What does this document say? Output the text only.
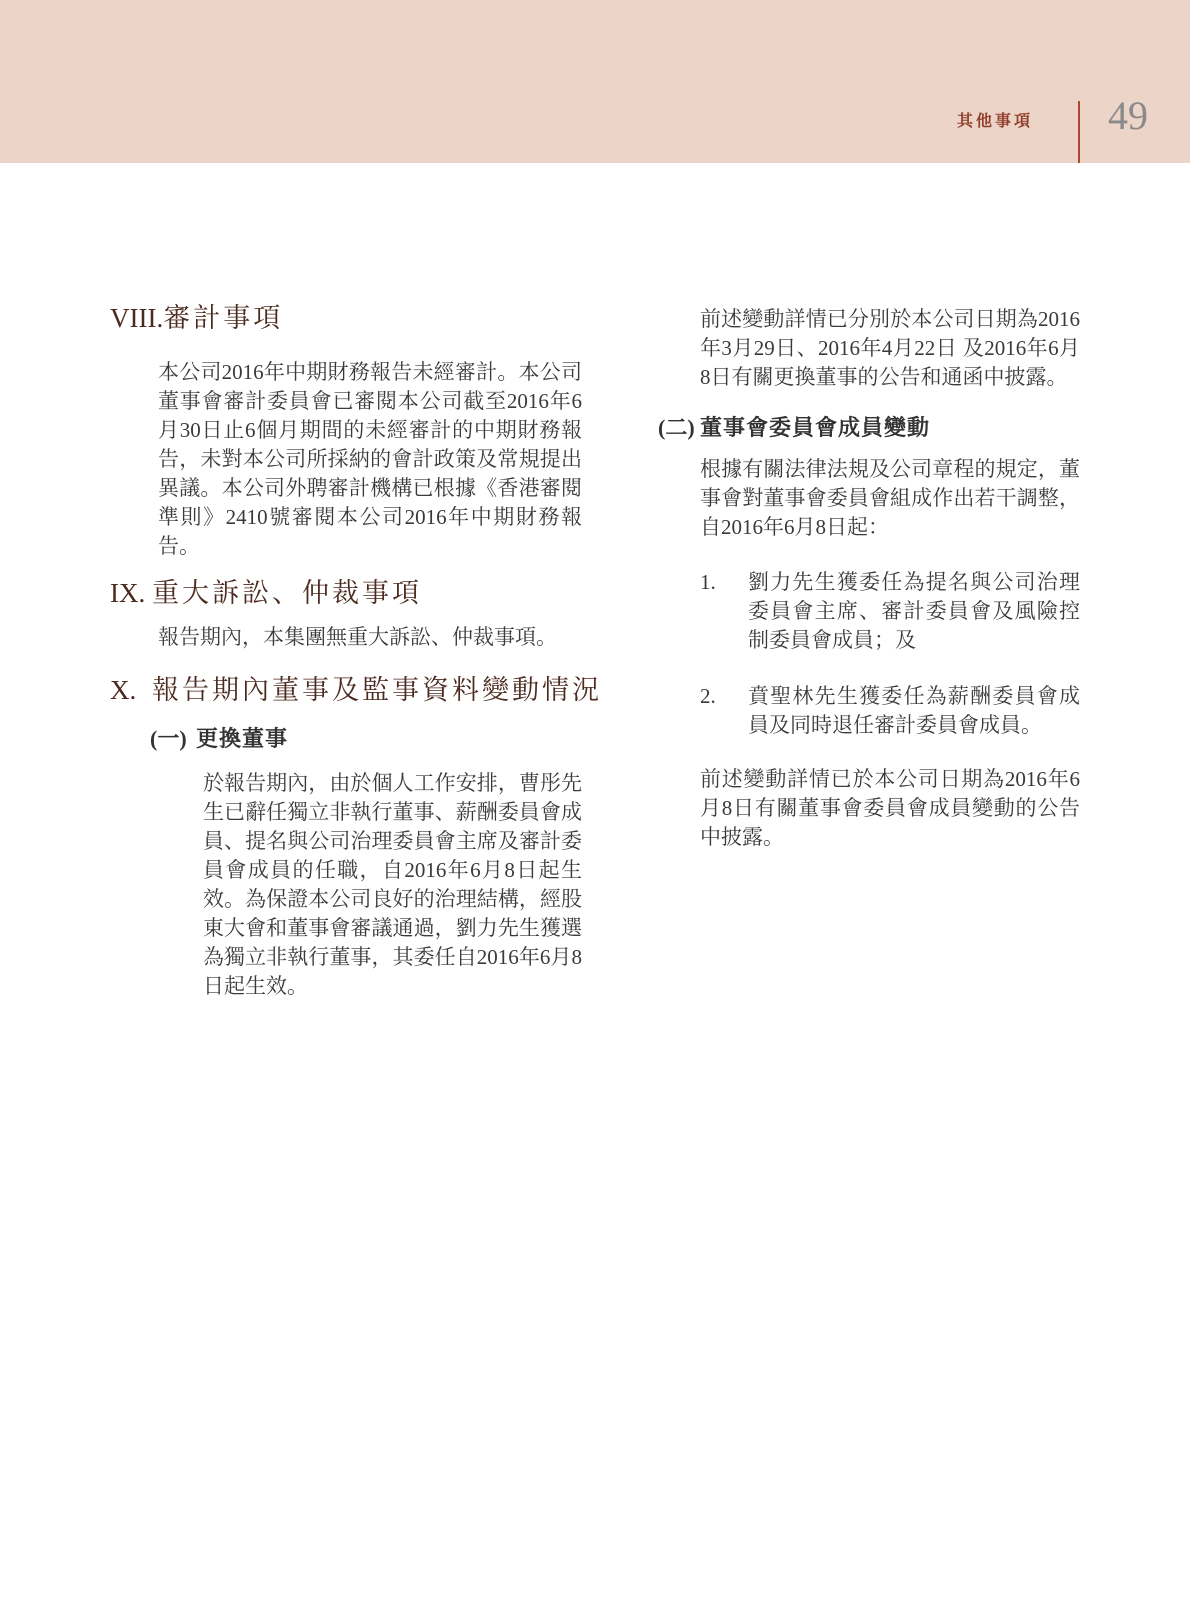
其他事項 49
VIII. 審計事項
本公司2016年中期財務報告未經審計。本公司董事會審計委員會已審閱本公司截至2016年6月30日止6個月期間的未經審計的中期財務報告，未對本公司所採納的會計政策及常規提出異議。本公司外聘審計機構已根據《香港審閱準則》2410號審閱本公司2016年中期財務報告。
IX. 重大訴訟、仲裁事項
報告期內，本集團無重大訴訟、仲裁事項。
X. 報告期內董事及監事資料變動情況
(一) 更換董事
於報告期內，由於個人工作安排，曹彤先生已辭任獨立非執行董事、薪酬委員會成員、提名與公司治理委員會主席及審計委員會成員的任職，自2016年6月8日起生效。為保證本公司良好的治理結構，經股東大會和董事會審議通過，劉力先生獲選為獨立非執行董事，其委任自2016年6月8日起生效。
前述變動詳情已分別於本公司日期為2016年3月29日、2016年4月22日 及2016年6月8日有關更換董事的公告和通函中披露。
(二) 董事會委員會成員變動
根據有關法律法規及公司章程的規定，董事會對董事會委員會組成作出若干調整，自2016年6月8日起：
1.	劉力先生獲委任為提名與公司治理委員會主席、審計委員會及風險控制委員會成員；及
2.	賁聖林先生獲委任為薪酬委員會成員及同時退任審計委員會成員。
前述變動詳情已於本公司日期為2016年6月8日有關董事會委員會成員變動的公告中披露。
